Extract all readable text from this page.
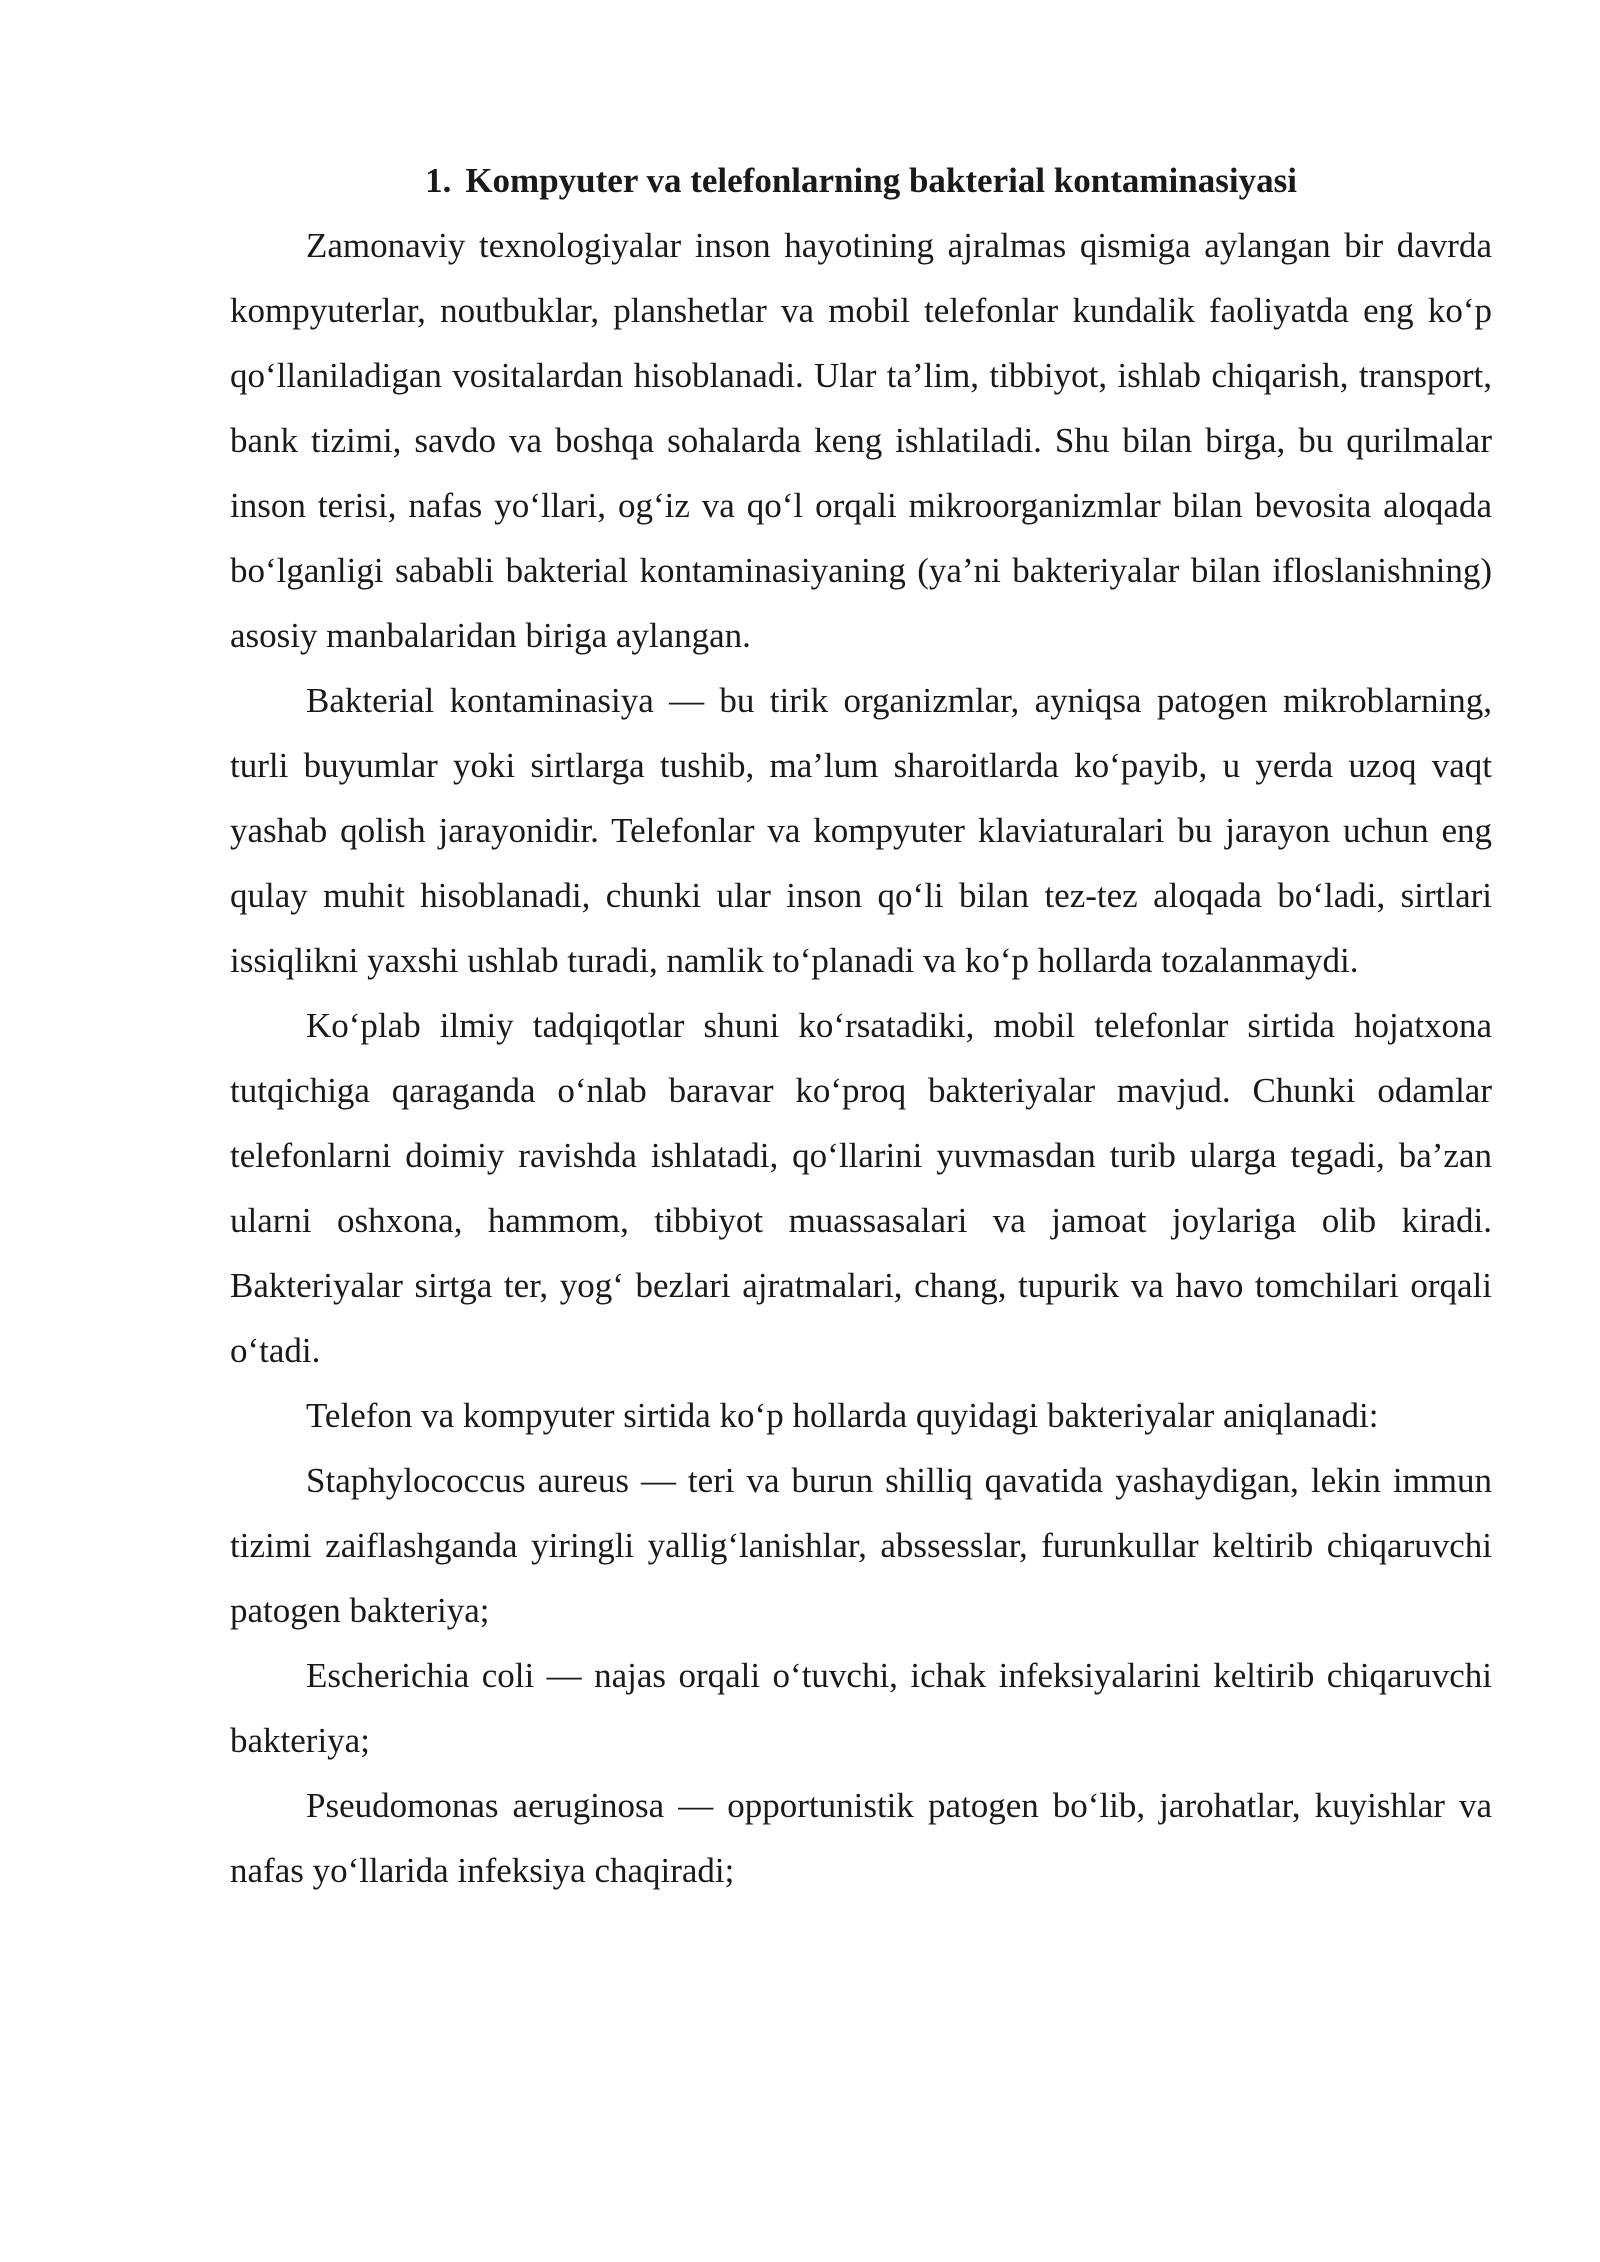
1. Kompyuter va telefonlarning bakterial kontaminasiyasi

Zamonaviy texnologiyalar inson hayotining ajralmas qismiga aylangan bir davrda kompyuterlar, noutbuklar, planshetlar va mobil telefonlar kundalik faoliyatda eng ko‘p qo‘llaniladigan vositalardan hisoblanadi. Ular ta’lim, tibbiyot, ishlab chiqarish, transport, bank tizimi, savdo va boshqa sohalarda keng ishlatiladi. Shu bilan birga, bu qurilmalar inson terisi, nafas yo‘llari, og‘iz va qo‘l orqali mikroorganizmlar bilan bevosita aloqada bo‘lganligi sababli bakterial kontaminasiyaning (ya’ni bakteriyalar bilan ifloslanishning) asosiy manbalaridan biriga aylangan.

Bakterial kontaminasiya — bu tirik organizmlar, ayniqsa patogen mikroblarning, turli buyumlar yoki sirtlarga tushib, ma’lum sharoitlarda ko‘payib, u yerda uzoq vaqt yashab qolish jarayonidir. Telefonlar va kompyuter klaviaturalari bu jarayon uchun eng qulay muhit hisoblanadi, chunki ular inson qo‘li bilan tez-tez aloqada bo‘ladi, sirtlari issiqlikni yaxshi ushlab turadi, namlik to‘planadi va ko‘p hollarda tozalanmaydi.

Ko‘plab ilmiy tadqiqotlar shuni ko‘rsatadiki, mobil telefonlar sirtida hojatxona tutqichiga qaraganda o‘nlab baravar ko‘proq bakteriyalar mavjud. Chunki odamlar telefonlarni doimiy ravishda ishlatadi, qo‘llarini yuvmasdan turib ularga tegadi, ba’zan ularni oshxona, hammom, tibbiyot muassasalari va jamoat joylariga olib kiradi. Bakteriyalar sirtga ter, yog‘ bezlari ajratmalari, chang, tupurik va havo tomchilari orqali o‘tadi.

Telefon va kompyuter sirtida ko‘p hollarda quyidagi bakteriyalar aniqlanadi:

Staphylococcus aureus — teri va burun shilliq qavatida yashaydigan, lekin immun tizimi zaiflashganda yiringli yallig‘lanishlar, abssesslar, furunkullar keltirib chiqaruvchi patogen bakteriya;

Escherichia coli — najas orqali o‘tuvchi, ichak infeksiyalarini keltirib chiqaruvchi bakteriya;

Pseudomonas aeruginosa — opportunistik patogen bo‘lib, jarohatlar, kuyishlar va nafas yo‘llarida infeksiya chaqiradi;
